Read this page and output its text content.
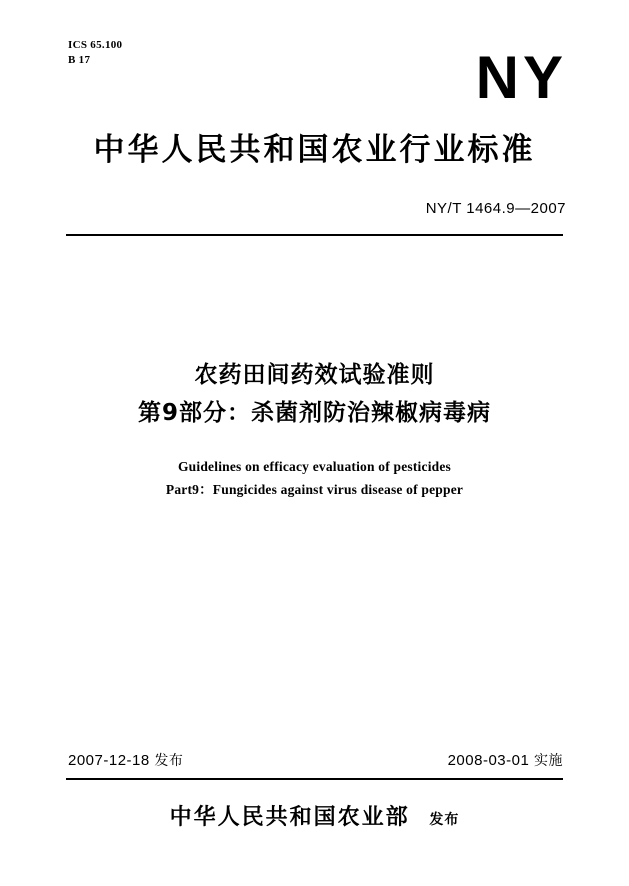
ICS 65.100
B 17	NY
中华人民共和国农业行业标准
NY/T 1464.9—2007
农药田间药效试验准则
第9部分：杀菌剂防治辣椒病毒病
Guidelines on efficacy evaluation of pesticides
Part9：Fungicides against virus disease of pepper
2007-12-18 发布	2008-03-01 实施
中华人民共和国农业部 发布
